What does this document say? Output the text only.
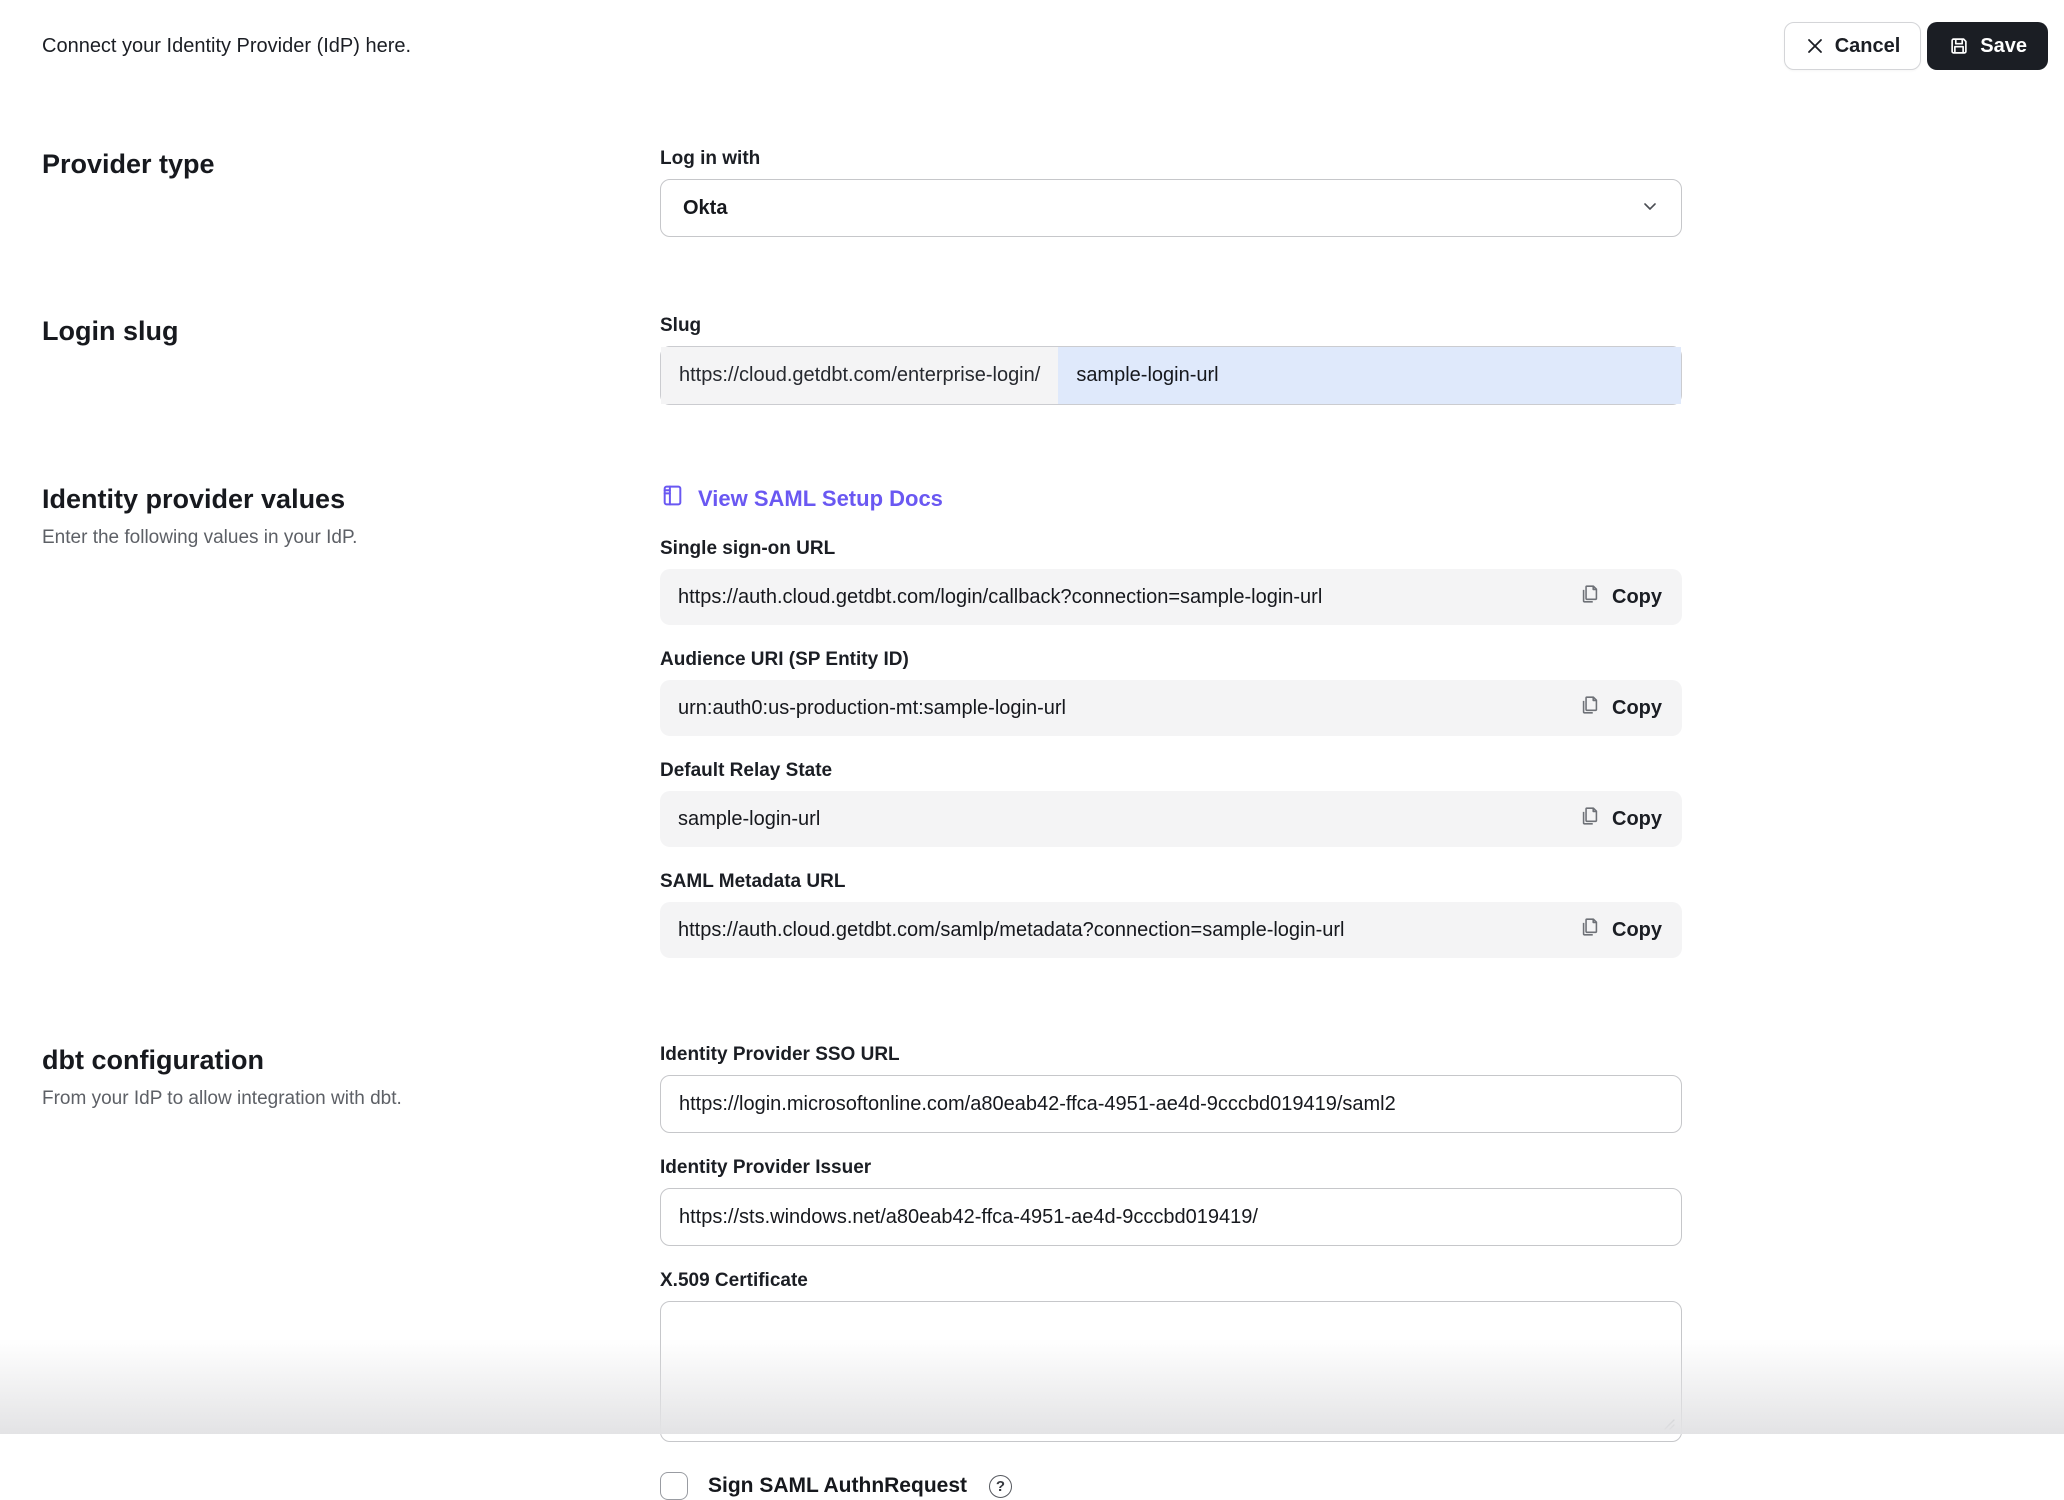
Connect your Identity Provider (IdP) here.	Cancel	Save
Provider type	Log in with
Okta
Login slug	Slug
https://cloud.getdbt.com/enterprise-login/
sample-login-url
Identity provider values
Enter the following values in your IdP.
View SAML Setup Docs
Single sign-on URL
https://auth.cloud.getdbt.com/login/callback?connection=sample-login-url	Copy
Audience URI (SP Entity ID)
urn:auth0:us-production-mt:sample-login-url	Copy
Default Relay State
sample-login-url	Copy
SAML Metadata URL
https://auth.cloud.getdbt.com/samlp/metadata?connection=sample-login-url	Copy
dbt configuration
From your IdP to allow integration with dbt.
Identity Provider SSO URL
https://login.microsoftonline.com/a80eab42-ffca-4951-ae4d-9cccbd019419/saml2
Identity Provider Issuer
https://sts.windows.net/a80eab42-ffca-4951-ae4d-9cccbd019419/
X.509 Certificate
Sign SAML AuthnRequest	?
